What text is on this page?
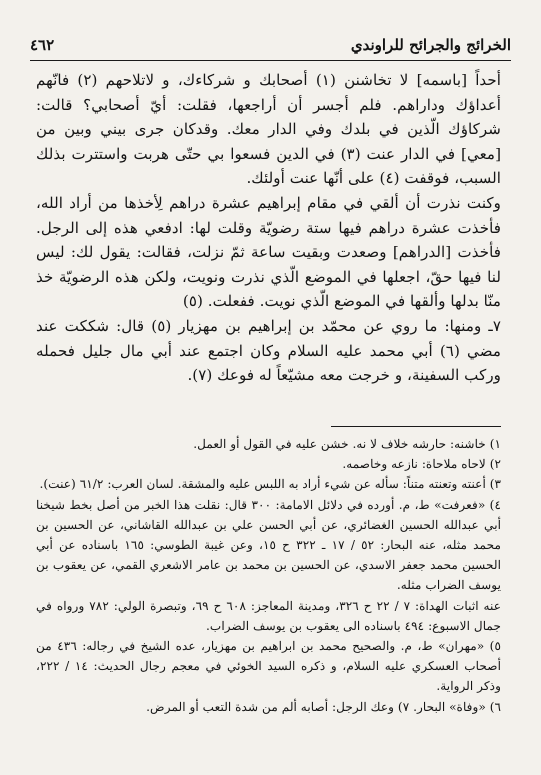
الخرائج والجرائح للراوندي
٤٦٢

أحداً [باسمه] لا تخاشنن (١) أصحابك و شركاءك، و لاتلاحهم (٢) فانّهم أعداؤك وداراهم. فلم أجسر أن أراجعها، فقلت: أيّ أصحابي؟ قالت: شركاؤك الّذين في بلدك وفي الدار معك. وقدكان جرى بيني وبين من [معي] في الدار عنت (٣) في الدين فسعوا بي حتّى هربت واستترت بذلك السبب، فوقفت (٤) على أنّها عنت أولئك.

وكنت نذرت أن ألقي في مقام إبراهيم عشرة دراهم لِأخذها من أراد الله، فأخذت عشرة دراهم فيها ستة رضويّة وقلت لها: ادفعي هذه إلى الرجل. فأخذت [الدراهم] وصعدت وبقيت ساعة ثمّ نزلت، فقالت: يقول لك: ليس لنا فيها حقّ، اجعلها في الموضع الّذي نذرت ونويت، ولكن هذه الرضويّة خذ منّا بدلها وألقها في الموضع الّذي نويت. ففعلت. (٥)

٧ـ ومنها: ما روي عن محمّد بن إبراهيم بن مهزيار (٥) قال: شككت عند مضي (٦) أبي محمد عليه السلام وكان اجتمع عند أبي مال جليل فحمله وركب السفينة، و خرجت معه مشيّعاً له فوعك (٧).

١) خاشنه: حارشه خلاف لا نه. خشن عليه في القول أو العمل.

٢) لاحاه ملاحاة: نازعه وخاصمه.

٣) أعنته وتعنته متناً: سأله عن شيء أراد به اللبس عليه والمشقة. لسان العرب: ٦١/٢ (عنت).

٤) «فعرفت» ط، م. أورده في دلائل الامامة: ٣٠٠ قال: نقلت هذا الخبر من أصل بخط شيخنا أبي عبدالله الحسين الغضائري، عن أبي الحسن علي بن عبدالله القاشاني، عن الحسين بن محمد مثله، عنه البحار: ٥٢ / ١٧ ـ ٣٢٢ ح ١٥، وعن غيبة الطوسي: ١٦٥ باسناده عن أبي الحسين محمد جعفر الاسدي، عن الحسين بن محمد بن عامر الاشعري القمي، عن يعقوب بن يوسف الضراب مثله.

عنه اثبات الهداة: ٧ / ٢٢ ح ٣٢٦، ومدينة المعاجز: ٦٠٨ ح ٦٩، وتبصرة الولي: ٧٨٢ ورواه في جمال الاسبوع: ٤٩٤ باسناده الى يعقوب بن يوسف الضراب.

٥) «مهران» ط، م. والصحيح محمد بن ابراهيم بن مهزيار، عده الشيخ في رجاله: ٤٣٦ من أصحاب العسكري عليه السلام، و ذكره السيد الخوئي في معجم رجال الحديث: ١٤ / ٢٢٢، وذكر الرواية.

٦) «وفاة» البحار. ٧) وعك الرجل: أصابه ألم من شدة التعب أو المرض.
